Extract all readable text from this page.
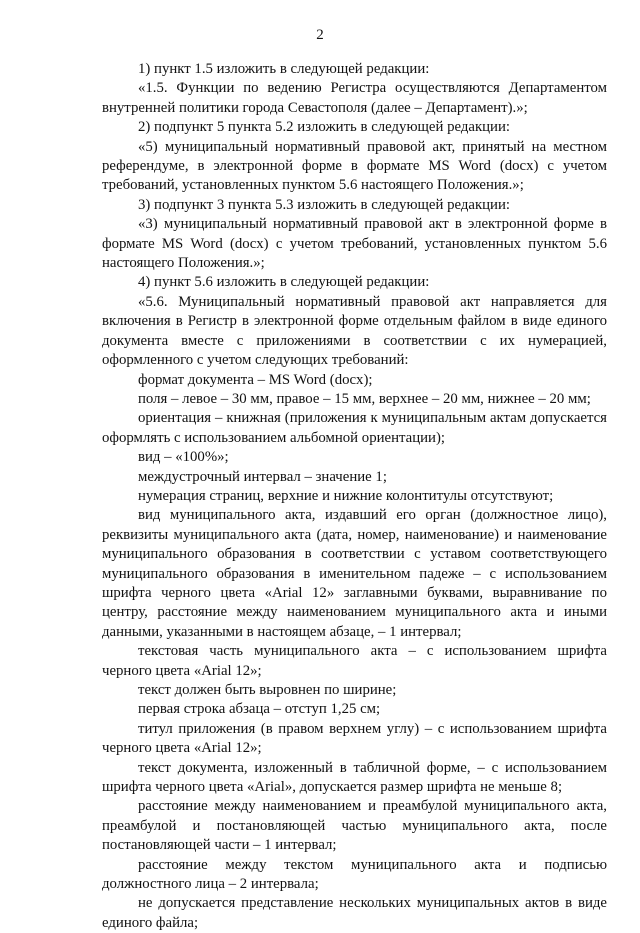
2

1) пункт 1.5 изложить в следующей редакции:

«1.5. Функции по ведению Регистра осуществляются Департаментом внутренней политики города Севастополя (далее – Департамент).»;

2) подпункт 5 пункта 5.2 изложить в следующей редакции:

«5) муниципальный нормативный правовой акт, принятый на местном референдуме, в электронной форме в формате MS Word (docx) с учетом требований, установленных пунктом 5.6 настоящего Положения.»;

3) подпункт 3 пункта 5.3 изложить в следующей редакции:

«3) муниципальный нормативный правовой акт в электронной форме в формате MS Word (docx) с учетом требований, установленных пунктом 5.6 настоящего Положения.»;

4) пункт 5.6 изложить в следующей редакции:

«5.6. Муниципальный нормативный правовой акт направляется для включения в Регистр в электронной форме отдельным файлом в виде единого документа вместе с приложениями в соответствии с их нумерацией, оформленного с учетом следующих требований:

формат документа – MS Word (docx);

поля – левое – 30 мм, правое – 15 мм, верхнее – 20 мм, нижнее – 20 мм;

ориентация – книжная (приложения к муниципальным актам допускается оформлять с использованием альбомной ориентации);

вид – «100%»;

междустрочный интервал – значение 1;

нумерация страниц, верхние и нижние колонтитулы отсутствуют;

вид муниципального акта, издавший его орган (должностное лицо), реквизиты муниципального акта (дата, номер, наименование) и наименование муниципального образования в соответствии с уставом соответствующего муниципального образования в именительном падеже – с использованием шрифта черного цвета «Arial 12» заглавными буквами, выравнивание по центру, расстояние между наименованием муниципального акта и иными данными, указанными в настоящем абзаце, – 1 интервал;

текстовая часть муниципального акта – с использованием шрифта черного цвета «Arial 12»;

текст должен быть выровнен по ширине;

первая строка абзаца – отступ 1,25 см;

титул приложения (в правом верхнем углу) – с использованием шрифта черного цвета «Arial 12»;

текст документа, изложенный в табличной форме, – с использованием шрифта черного цвета «Arial», допускается размер шрифта не меньше 8;

расстояние между наименованием и преамбулой муниципального акта, преамбулой и постановляющей частью муниципального акта, после постановляющей части – 1 интервал;

расстояние между текстом муниципального акта и подписью должностного лица – 2 интервала;

не допускается представление нескольких муниципальных актов в виде единого файла;
